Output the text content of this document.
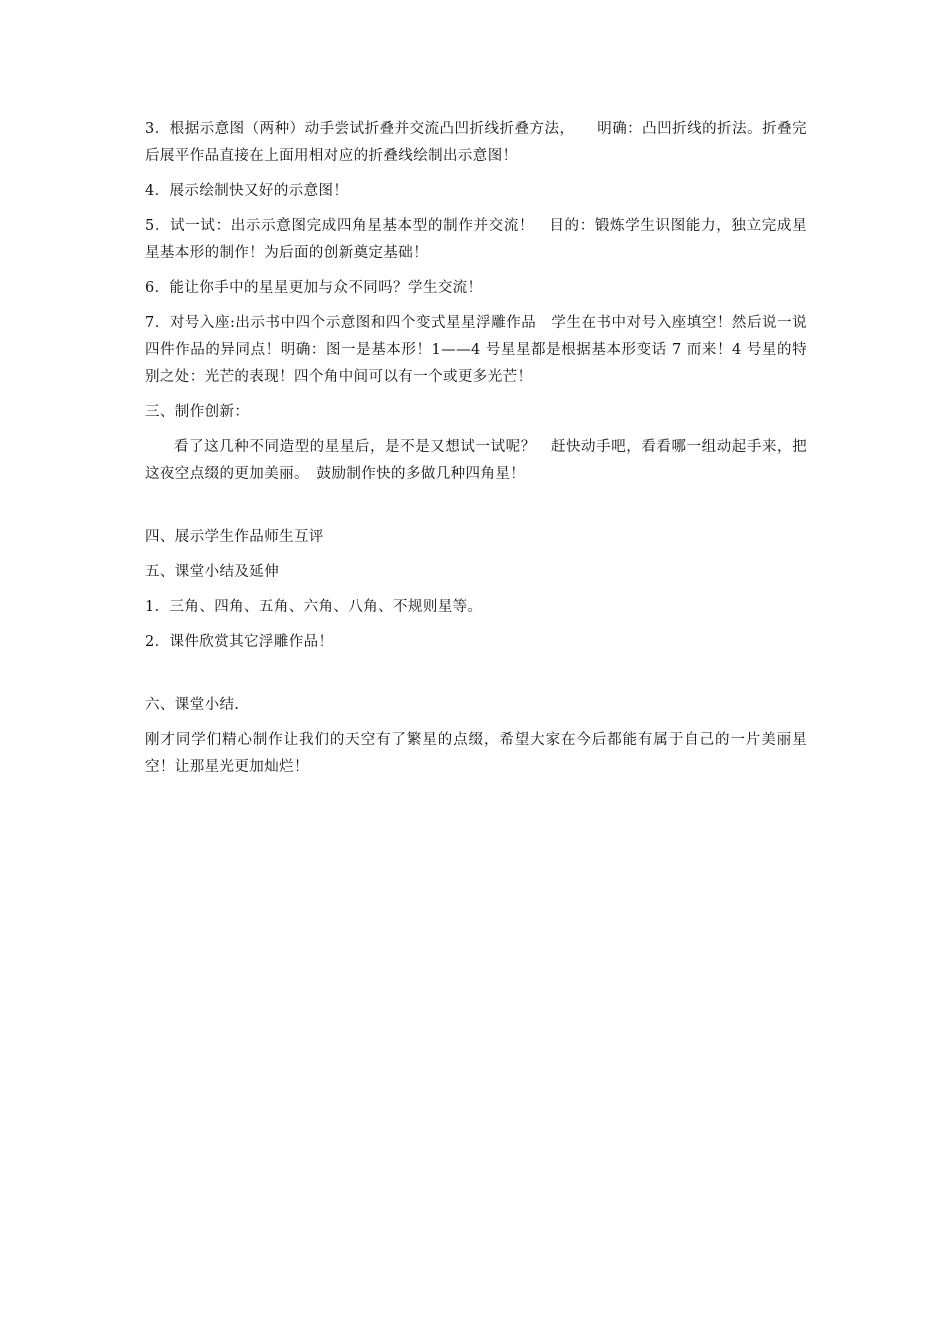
3．根据示意图（两种）动手尝试折叠并交流凸凹折线折叠方法，　　明确：凸凹折线的折法。折叠完后展平作品直接在上面用相对应的折叠线绘制出示意图！

4．展示绘制快又好的示意图！

5．试一试：出示示意图完成四角星基本型的制作并交流！　目的：锻炼学生识图能力，独立完成星星基本形的制作！为后面的创新奠定基础！

6．能让你手中的星星更加与众不同吗？学生交流！

7．对号入座:出示书中四个示意图和四个变式星星浮雕作品　学生在书中对号入座填空！然后说一说四件作品的异同点！明确：图一是基本形！1——4 号星星都是根据基本形变话 7 而来！4 号星的特别之处：光芒的表现！四个角中间可以有一个或更多光芒！

三、制作创新：

看了这几种不同造型的星星后，是不是又想试一试呢？　赶快动手吧，看看哪一组动起手来，把这夜空点缀的更加美丽。　鼓励制作快的多做几种四角星！

四、展示学生作品师生互评

五、课堂小结及延伸

1．三角、四角、五角、六角、八角、不规则星等。

2．课件欣赏其它浮雕作品！

六、课堂小结.

刚才同学们精心制作让我们的天空有了繁星的点缀，希望大家在今后都能有属于自己的一片美丽星空！让那星光更加灿烂！
